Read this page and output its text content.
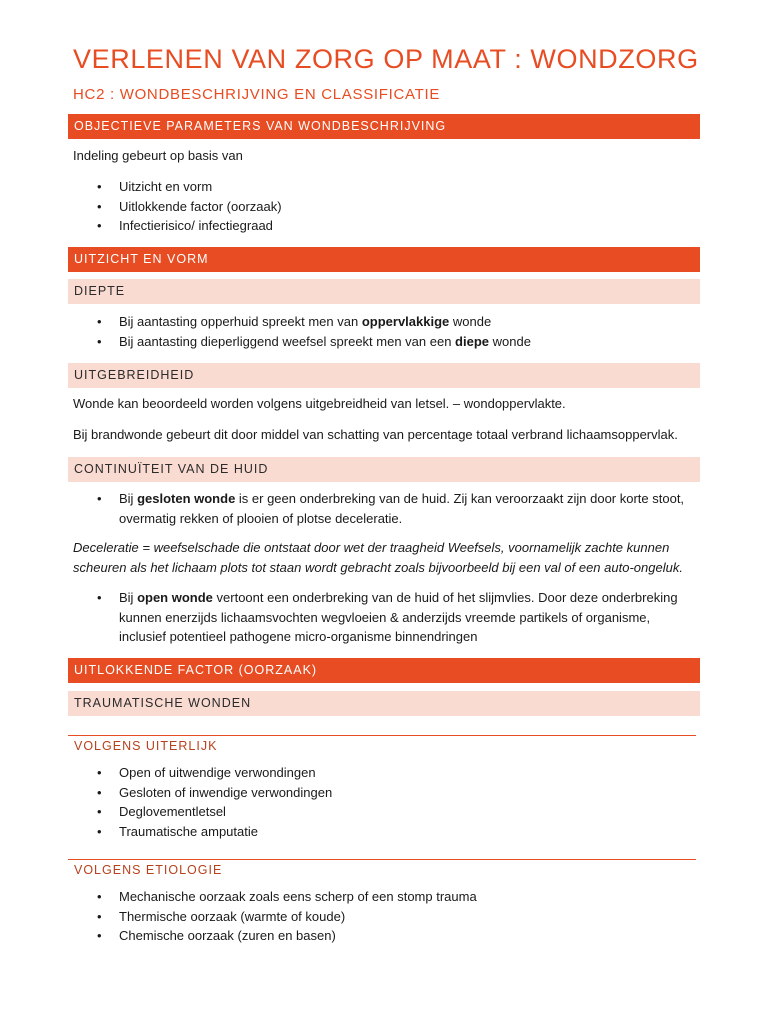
VERLENEN VAN ZORG OP MAAT : WONDZORG
HC2 : WONDBESCHRIJVING EN CLASSIFICATIE
OBJECTIEVE PARAMETERS VAN WONDBESCHRIJVING

Indeling gebeurt op basis van

• Uitzicht en vorm
• Uitlokkende factor (oorzaak)
• Infectierisico/ infectiegraad
UITZICHT EN VORM
DIEPTE
• Bij aantasting opperhuid spreekt men van oppervlakkige wonde
• Bij aantasting dieperliggend weefsel spreekt men van een diepe wonde
UITGEBREIDHEID

Wonde kan beoordeeld worden volgens uitgebreidheid van letsel. – wondoppervlakte.

Bij brandwonde gebeurt dit door middel van schatting van percentage totaal verbrand lichaamsoppervlak.

CONTINUÏTEIT VAN DE HUID
• Bij gesloten wonde is er geen onderbreking van de huid. Zij kan veroorzaakt zijn door korte stoot, overmatig rekken of plooien of plotse deceleratie.

Deceleratie = weefselschade die ontstaat door wet der traagheid Weefsels, voornamelijk zachte kunnen scheuren als het lichaam plots tot staan wordt gebracht zoals bijvoorbeeld bij een val of een auto-ongeluk.

• Bij open wonde vertoont een onderbreking van de huid of het slijmvlies. Door deze onderbreking kunnen enerzijds lichaamsvochten wegvloeien & anderzijds vreemde partikels of organisme, inclusief potentieel pathogene micro-organisme binnendringen
UITLOKKENDE FACTOR (OORZAAK)
TRAUMATISCHE WONDEN
VOLGENS UITERLIJK
• Open of uitwendige verwondingen
• Gesloten of inwendige verwondingen
• Deglovementletsel
• Traumatische amputatie
VOLGENS ETIOLOGIE
• Mechanische oorzaak zoals eens scherp of een stomp trauma
• Thermische oorzaak (warmte of koude)
• Chemische oorzaak (zuren en basen)
